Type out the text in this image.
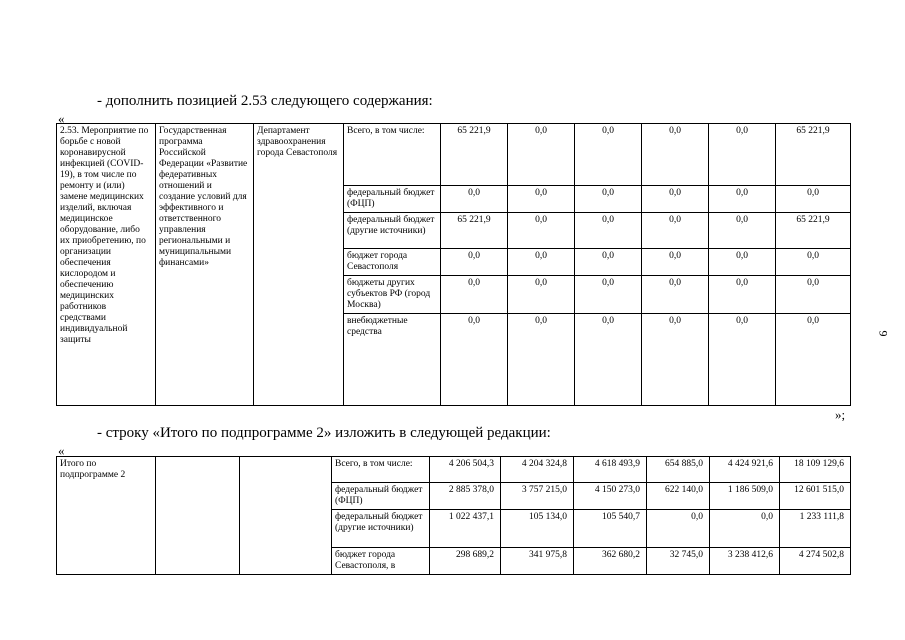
- дополнить позицией 2.53 следующего содержания:
«
2.53. Мероприятие по борьбе с новой коронавирусной инфекцией (COVID-19), в том числе по ремонту и (или) замене медицинских изделий, включая медицинское оборудование, либо их приобретению, по организации обеспечения кислородом и обеспечению медицинских работников средствами индивидуальной защиты	Государственная программа Российской Федерации «Развитие федеративных отношений и создание условий для эффективного и ответственного управления региональными и муниципальными финансами»	Департамент здравоохранения города Севастополя	Всего, в том числе:	65 221,9	0,0	0,0	0,0	0,0	65 221,9
			федеральный бюджет (ФЦП)	0,0	0,0	0,0	0,0	0,0	0,0
			федеральный бюджет (другие источники)	65 221,9	0,0	0,0	0,0	0,0	65 221,9
			бюджет города Севастополя	0,0	0,0	0,0	0,0	0,0	0,0
			бюджеты других субъектов РФ (город Москва)	0,0	0,0	0,0	0,0	0,0	0,0
			внебюджетные средства	0,0	0,0	0,0	0,0	0,0	0,0
»;
- строку «Итого по подпрограмме 2» изложить в следующей редакции:
«
Итого по подпрограмме 2			Всего, в том числе:	4 206 504,3	4 204 324,8	4 618 493,9	654 885,0	4 424 921,6	18 109 129,6
			федеральный бюджет (ФЦП)	2 885 378,0	3 757 215,0	4 150 273,0	622 140,0	1 186 509,0	12 601 515,0
			федеральный бюджет (другие источники)	1 022 437,1	105 134,0	105 540,7	0,0	0,0	1 233 111,8
			бюджет города Севастополя, в	298 689,2	341 975,8	362 680,2	32 745,0	3 238 412,6	4 274 502,8
9
